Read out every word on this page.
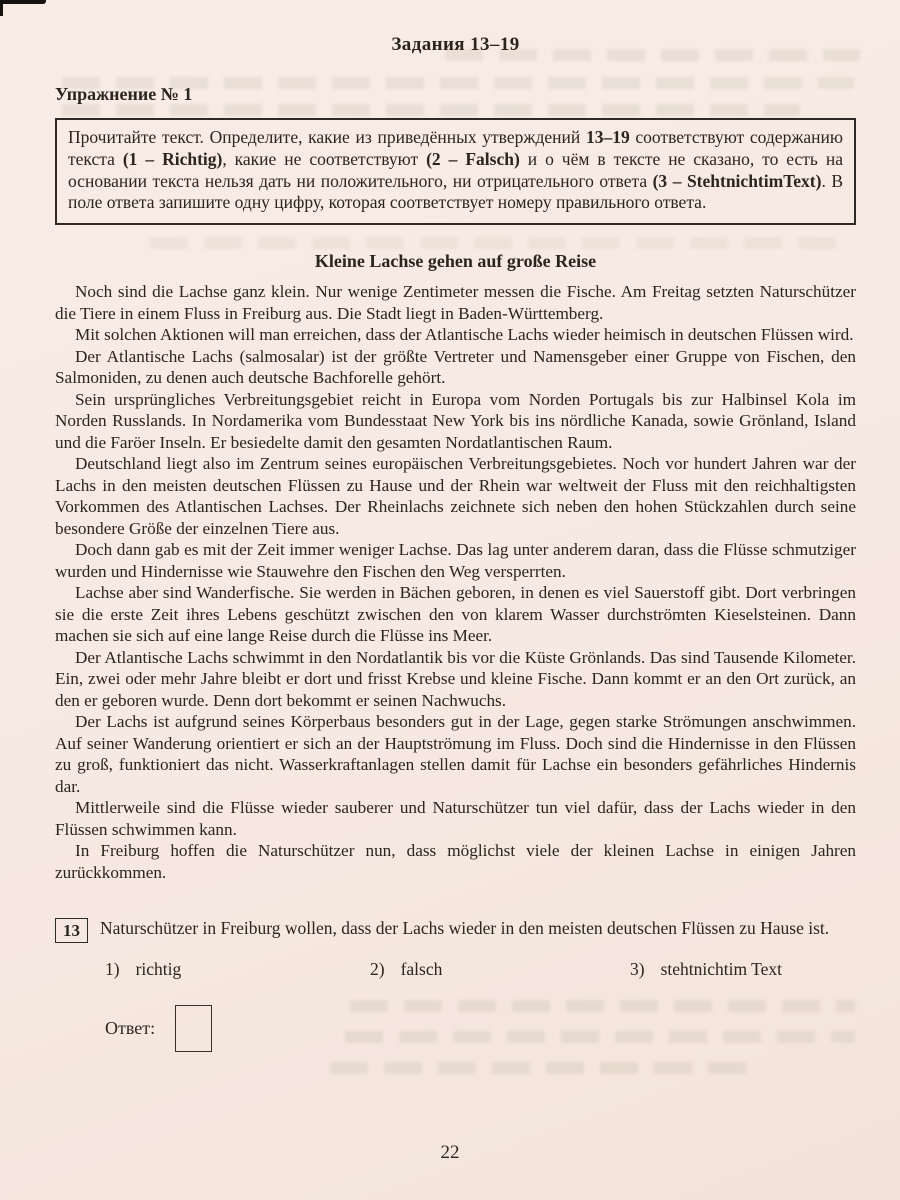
Задания 13–19
Упражнение № 1
Прочитайте текст. Определите, какие из приведённых утверждений 13–19 соответствуют содержанию текста (1 – Richtig), какие не соответствуют (2 – Falsch) и о чём в тексте не сказано, то есть на основании текста нельзя дать ни положительного, ни отрицательного ответа (3 – StehtnichtimText). В поле ответа запишите одну цифру, которая соответствует номеру правильного ответа.
Kleine Lachse gehen auf große Reise

Noch sind die Lachse ganz klein. Nur wenige Zentimeter messen die Fische. Am Freitag setzten Naturschützer die Tiere in einem Fluss in Freiburg aus. Die Stadt liegt in Baden-Württemberg.

Mit solchen Aktionen will man erreichen, dass der Atlantische Lachs wieder heimisch in deutschen Flüssen wird.

Der Atlantische Lachs (salmosalar) ist der größte Vertreter und Namensgeber einer Gruppe von Fischen, den Salmoniden, zu denen auch deutsche Bachforelle gehört.

Sein ursprüngliches Verbreitungsgebiet reicht in Europa vom Norden Portugals bis zur Halbinsel Kola im Norden Russlands. In Nordamerika vom Bundesstaat New York bis ins nördliche Kanada, sowie Grönland, Island und die Faröer Inseln. Er besiedelte damit den gesamten Nordatlantischen Raum.

Deutschland liegt also im Zentrum seines europäischen Verbreitungsgebietes. Noch vor hundert Jahren war der Lachs in den meisten deutschen Flüssen zu Hause und der Rhein war weltweit der Fluss mit den reichhaltigsten Vorkommen des Atlantischen Lachses. Der Rheinlachs zeichnete sich neben den hohen Stückzahlen durch seine besondere Größe der einzelnen Tiere aus.

Doch dann gab es mit der Zeit immer weniger Lachse. Das lag unter anderem daran, dass die Flüsse schmutziger wurden und Hindernisse wie Stauwehre den Fischen den Weg versperrten.

Lachse aber sind Wanderfische. Sie werden in Bächen geboren, in denen es viel Sauerstoff gibt. Dort verbringen sie die erste Zeit ihres Lebens geschützt zwischen den von klarem Wasser durchströmten Kieselsteinen. Dann machen sie sich auf eine lange Reise durch die Flüsse ins Meer.

Der Atlantische Lachs schwimmt in den Nordatlantik bis vor die Küste Grönlands. Das sind Tausende Kilometer. Ein, zwei oder mehr Jahre bleibt er dort und frisst Krebse und kleine Fische. Dann kommt er an den Ort zurück, an den er geboren wurde. Denn dort bekommt er seinen Nachwuchs.

Der Lachs ist aufgrund seines Körperbaus besonders gut in der Lage, gegen starke Strömungen anschwimmen. Auf seiner Wanderung orientiert er sich an der Hauptströmung im Fluss. Doch sind die Hindernisse in den Flüssen zu groß, funktioniert das nicht. Wasserkraftanlagen stellen damit für Lachse ein besonders gefährliches Hindernis dar.

Mittlerweile sind die Flüsse wieder sauberer und Naturschützer tun viel dafür, dass der Lachs wieder in den Flüssen schwimmen kann.

In Freiburg hoffen die Naturschützer nun, dass möglichst viele der kleinen Lachse in einigen Jahren zurückkommen.

13	Naturschützer in Freiburg wollen, dass der Lachs wieder in den meisten deutschen Flüssen zu Hause ist.

1) richtig	2) falsch	3) stehtnichtim Text
Ответ:
22
